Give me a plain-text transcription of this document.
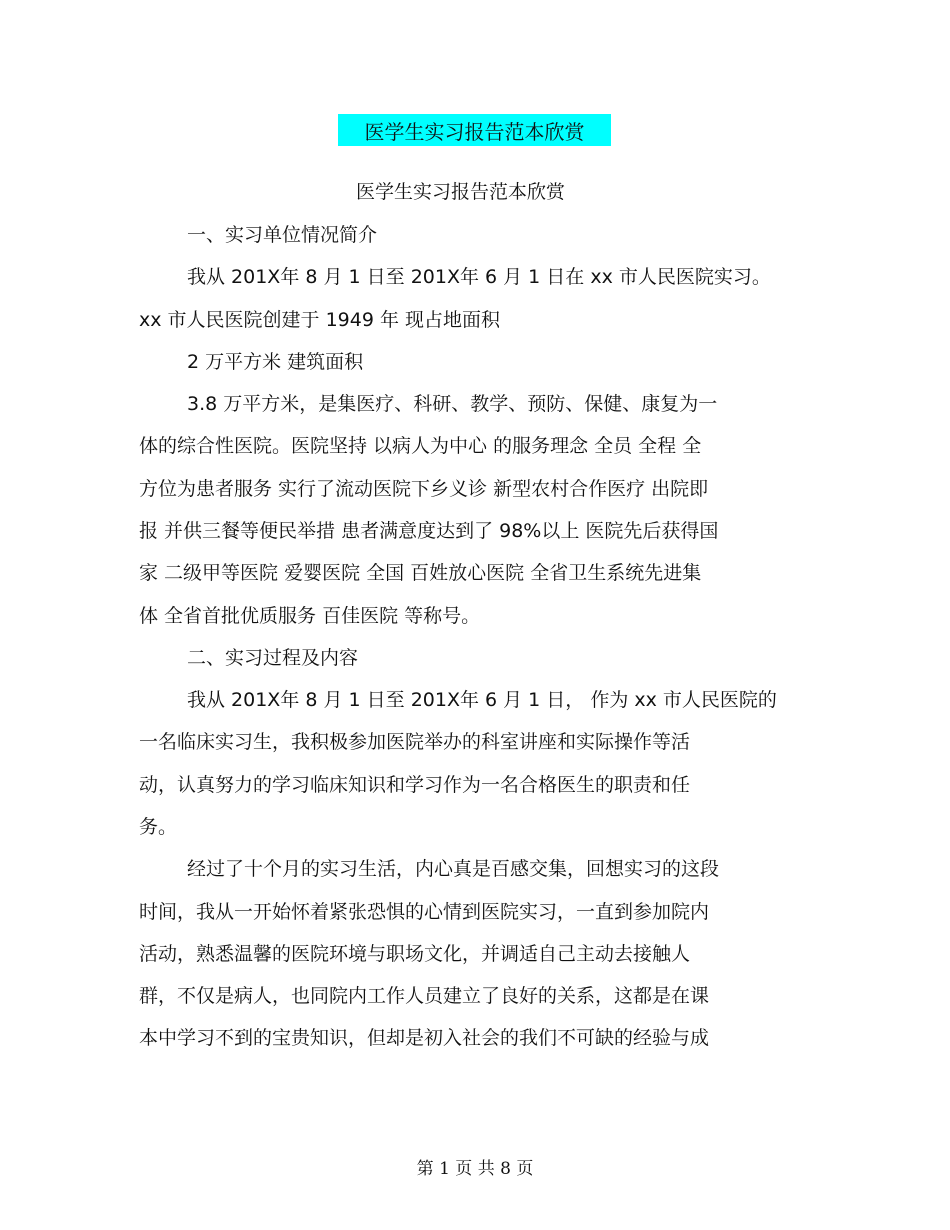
医学生实习报告范本欣赏
医学生实习报告范本欣赏
一、实习单位情况简介
我从 201X年 8 月 1 日至 201X年 6 月 1 日在 xx 市人民医院实习。
xx 市人民医院创建于 1949 年 现占地面积
2 万平方米 建筑面积
3.8 万平方米，是集医疗、科研、教学、预防、保健、康复为一
体的综合性医院。医院坚持 以病人为中心 的服务理念 全员 全程 全
方位为患者服务 实行了流动医院下乡义诊 新型农村合作医疗 出院即
报 并供三餐等便民举措 患者满意度达到了 98%以上 医院先后获得国
家 二级甲等医院 爱婴医院 全国 百姓放心医院 全省卫生系统先进集
体 全省首批优质服务 百佳医院 等称号。
二、实习过程及内容
我从 201X年 8 月 1 日至 201X年 6 月 1 日， 作为 xx 市人民医院的
一名临床实习生，我积极参加医院举办的科室讲座和实际操作等活
动，认真努力的学习临床知识和学习作为一名合格医生的职责和任
务。
经过了十个月的实习生活，内心真是百感交集，回想实习的这段
时间，我从一开始怀着紧张恐惧的心情到医院实习，一直到参加院内
活动，熟悉温馨的医院环境与职场文化，并调适自己主动去接触人
群，不仅是病人，也同院内工作人员建立了良好的关系，这都是在课
本中学习不到的宝贵知识，但却是初入社会的我们不可缺的经验与成
第 1 页 共 8 页
